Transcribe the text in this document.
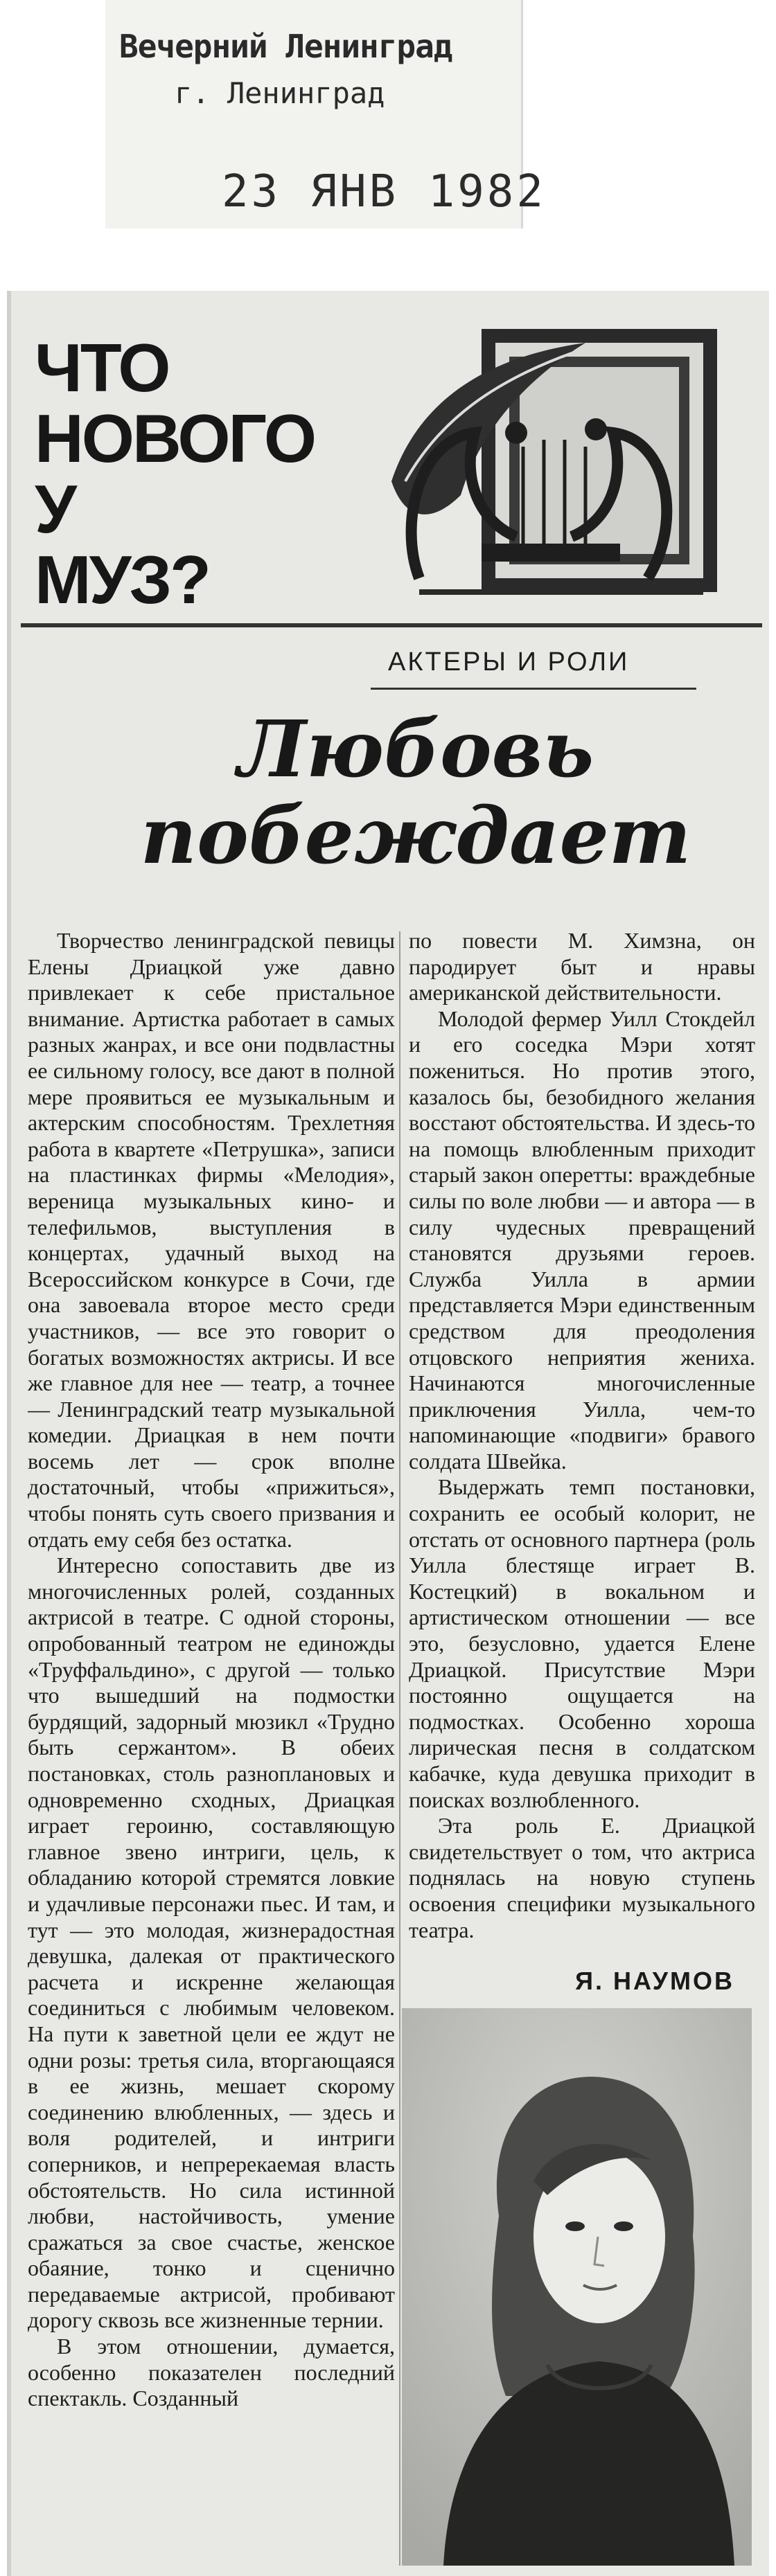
Вечерний Ленинград
г. Ленинград
23 ЯНВ 1982
ЧТО
НОВОГО
У
МУЗ?
АКТЕРЫ И РОЛИ
Любовь
побеждает

Творчество ленинградской певицы Елены Дриацкой уже давно привлекает к себе пристальное внимание. Артистка работает в самых разных жанрах, и все они подвластны ее сильному голосу, все дают в полной мере проявиться ее музыкальным и актерским способностям. Трехлетняя работа в квартете «Петрушка», записи на пластинках фирмы «Мелодия», вереница музыкальных кино- и телефильмов, выступления в концертах, удачный выход на Всероссийском конкурсе в Сочи, где она завоевала второе место среди участников, — все это говорит о богатых возможностях актрисы. И все же главное для нее — театр, а точнее — Ленинградский театр музыкальной комедии. Дриацкая в нем почти восемь лет — срок вполне достаточный, чтобы «прижиться», чтобы понять суть своего призвания и отдать ему себя без остатка.

Интересно сопоставить две из многочисленных ролей, созданных актрисой в театре. С одной стороны, опробованный театром не единожды «Труффальдино», с другой — только что вышедший на подмостки бурдящий, задорный мюзикл «Трудно быть сержантом». В обеих постановках, столь разноплановых и одновременно сходных, Дриацкая играет героиню, составляющую главное звено интриги, цель, к обладанию которой стремятся ловкие и удачливые персонажи пьес. И там, и тут — это молодая, жизнерадостная девушка, далекая от практического расчета и искренне желающая соединиться с любимым человеком. На пути к заветной цели ее ждут не одни розы: третья сила, вторгающаяся в ее жизнь, мешает скорому соединению влюбленных, — здесь и воля родителей, и интриги соперников, и непререкаемая власть обстоятельств. Но сила истинной любви, настойчивость, умение сражаться за свое счастье, женское обаяние, тонко и сценично передаваемые актрисой, пробивают дорогу сквозь все жизненные тернии.

В этом отношении, думается, особенно показателен последний спектакль. Созданный

по повести М. Химзна, он пародирует быт и нравы американской действительности.

Молодой фермер Уилл Стокдейл и его соседка Мэри хотят пожениться. Но против этого, казалось бы, безобидного желания восстают обстоятельства. И здесь-то на помощь влюбленным приходит старый закон оперетты: враждебные силы по воле любви — и автора — в силу чудесных превращений становятся друзьями героев. Служба Уилла в армии представляется Мэри единственным средством для преодоления отцовского неприятия жениха. Начинаются многочисленные приключения Уилла, чем-то напоминающие «подвиги» бравого солдата Швейка.

Выдержать темп постановки, сохранить ее особый колорит, не отстать от основного партнера (роль Уилла блестяще играет В. Костецкий) в вокальном и артистическом отношении — все это, безусловно, удается Елене Дриацкой. Присутствие Мэри постоянно ощущается на подмостках. Особенно хороша лирическая песня в солдатском кабачке, куда девушка приходит в поисках возлюбленного.

Эта роль Е. Дриацкой свидетельствует о том, что актриса поднялась на новую ступень освоения специфики музыкального театра.

Я. НАУМОВ
